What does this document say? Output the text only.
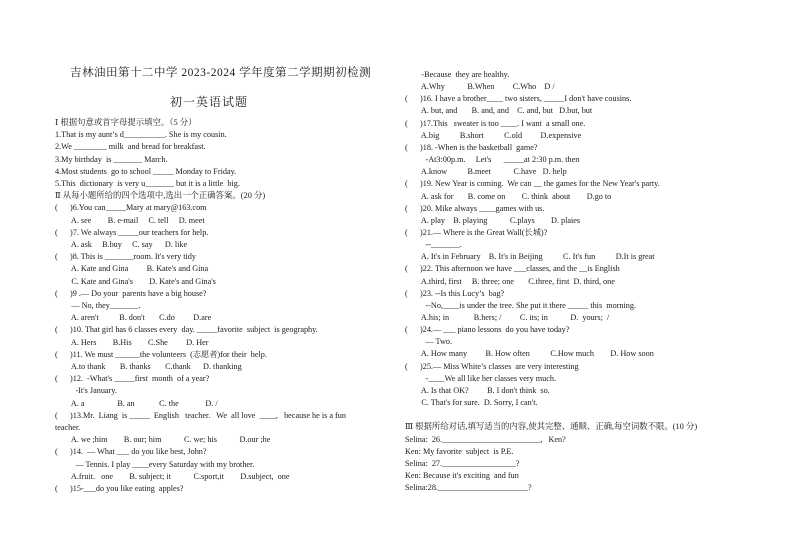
吉林油田第十二中学 2023-2024 学年度第二学期期初检测
初一英语试题
Ⅰ 根据句意或首字母提示填空。（5 分）
1.That is my aunt’s d__________. She is my cousin.
2.We ________ milk  and bread for breakfast.
3.My birthday  is _______ March.
4.Most students  go to school _____ Monday to Friday.
5.This  dictionary  is very u_______ but it is a little  big.
Ⅱ 从每小题所给的四个选项中,选出一个正确答案。(20 分)
(      )6.You can_____Mary at mary@163.com
A. see        B. e-mail     C. tell     D. meet
(      )7. We always _____our teachers for help.
A. ask     B.buy     C. say      D. like
(      )8. This is _______room. It's very tidy
A. Kate and Gina         B. Kate's and Gina
C. Kate and Gina's        D. Kate's and Gina's
(      )9 .— Do your  parents have a big house?
— No, they_______.
A. aren't          B. don't       C.do         D.are
(      )10. That girl has 6 classes every  day. _____favorite  subject  is geography.
A. Hers        B.His        C.She         D. Her
(      )11. We must ______the volunteers  (志愿者)for their  help.
A.to thank       B. thanks       C.thank      D. thanking
(      )12.  -What's _____first  month  of a year?
-It's January.
A. a                B. an            C. the             D. /
(      )13.Mr.  Liang  is _____  English   teacher.   We  all love  ____,   because he is a fun
teacher.
A. we ;him        B. our; him           C. we; his           D.our ;he
(      )14.  — What ___ do you like best, John?
— Tennis. I play ____every Saturday with my brother.
A.fruit.   one        B. subject; it           C.sport,it        D.subject,  one
(      )15-___do you like eating  apples?
-Because  they are healthy.
A.Why           B.When         C.Who    D /
(      )16. I have a brother____ two sisters, _____I don't have cousins.
A. but, and       B. and, and    C. and, but   D.but, but
(      )17.This   sweater is too ____. I want  a small one.
A.big          B.short          C.old         D.expensive
(      )18. -When is the basketball  game?
-At3:00p.m.     Let's      _____at 2:30 p.m. then
A.know          B.meet           C.have   D. help
(      )19. New Year is coming.  We can __ the games for the New Year's party.
A. ask for       B. come on        C. think  about        D.go to
(      )20. Mike always ____games with us.
A. play    B. playing           C.plays        D. plaies
(      )21.— Where is the Great Wall(长城)?
--_______.
A. It's in February    B. It's in Beijing          C. It's fun          D.It is great
(      )22. This afternoon we have ___classes, and the __is English
A.third, first     B. three; one       C.three, first  D. third, one
(      )23. --Is this Lucy’s  bag?
--No,____is under the tree. She put it there _____ this  morning.
A.his; in            B.hers; /         C. its; in           D.  yours;  /
(      )24.— ___ piano lessons  do you have today?
— Two.
A. How many         B. How often          C.How much        D. How soon
(      )25.— Miss White’s classes  are very interesting
-____We all like her classes very much.
A. Is that OK?         B. I don't think  so.
C. That's for sure.  D. Sorry, I can't.
Ⅲ 根据所给对话,填写适当的内容,使其完整、通顺、正确,每空词数不限。(10 分)
Selina:  26.________________________,   Ken?
Ken: My favorite  subject  is P.E.
Selina:  27.__________________?
Ken: Because it's exciting  and fun
Selina:28.______________________?
